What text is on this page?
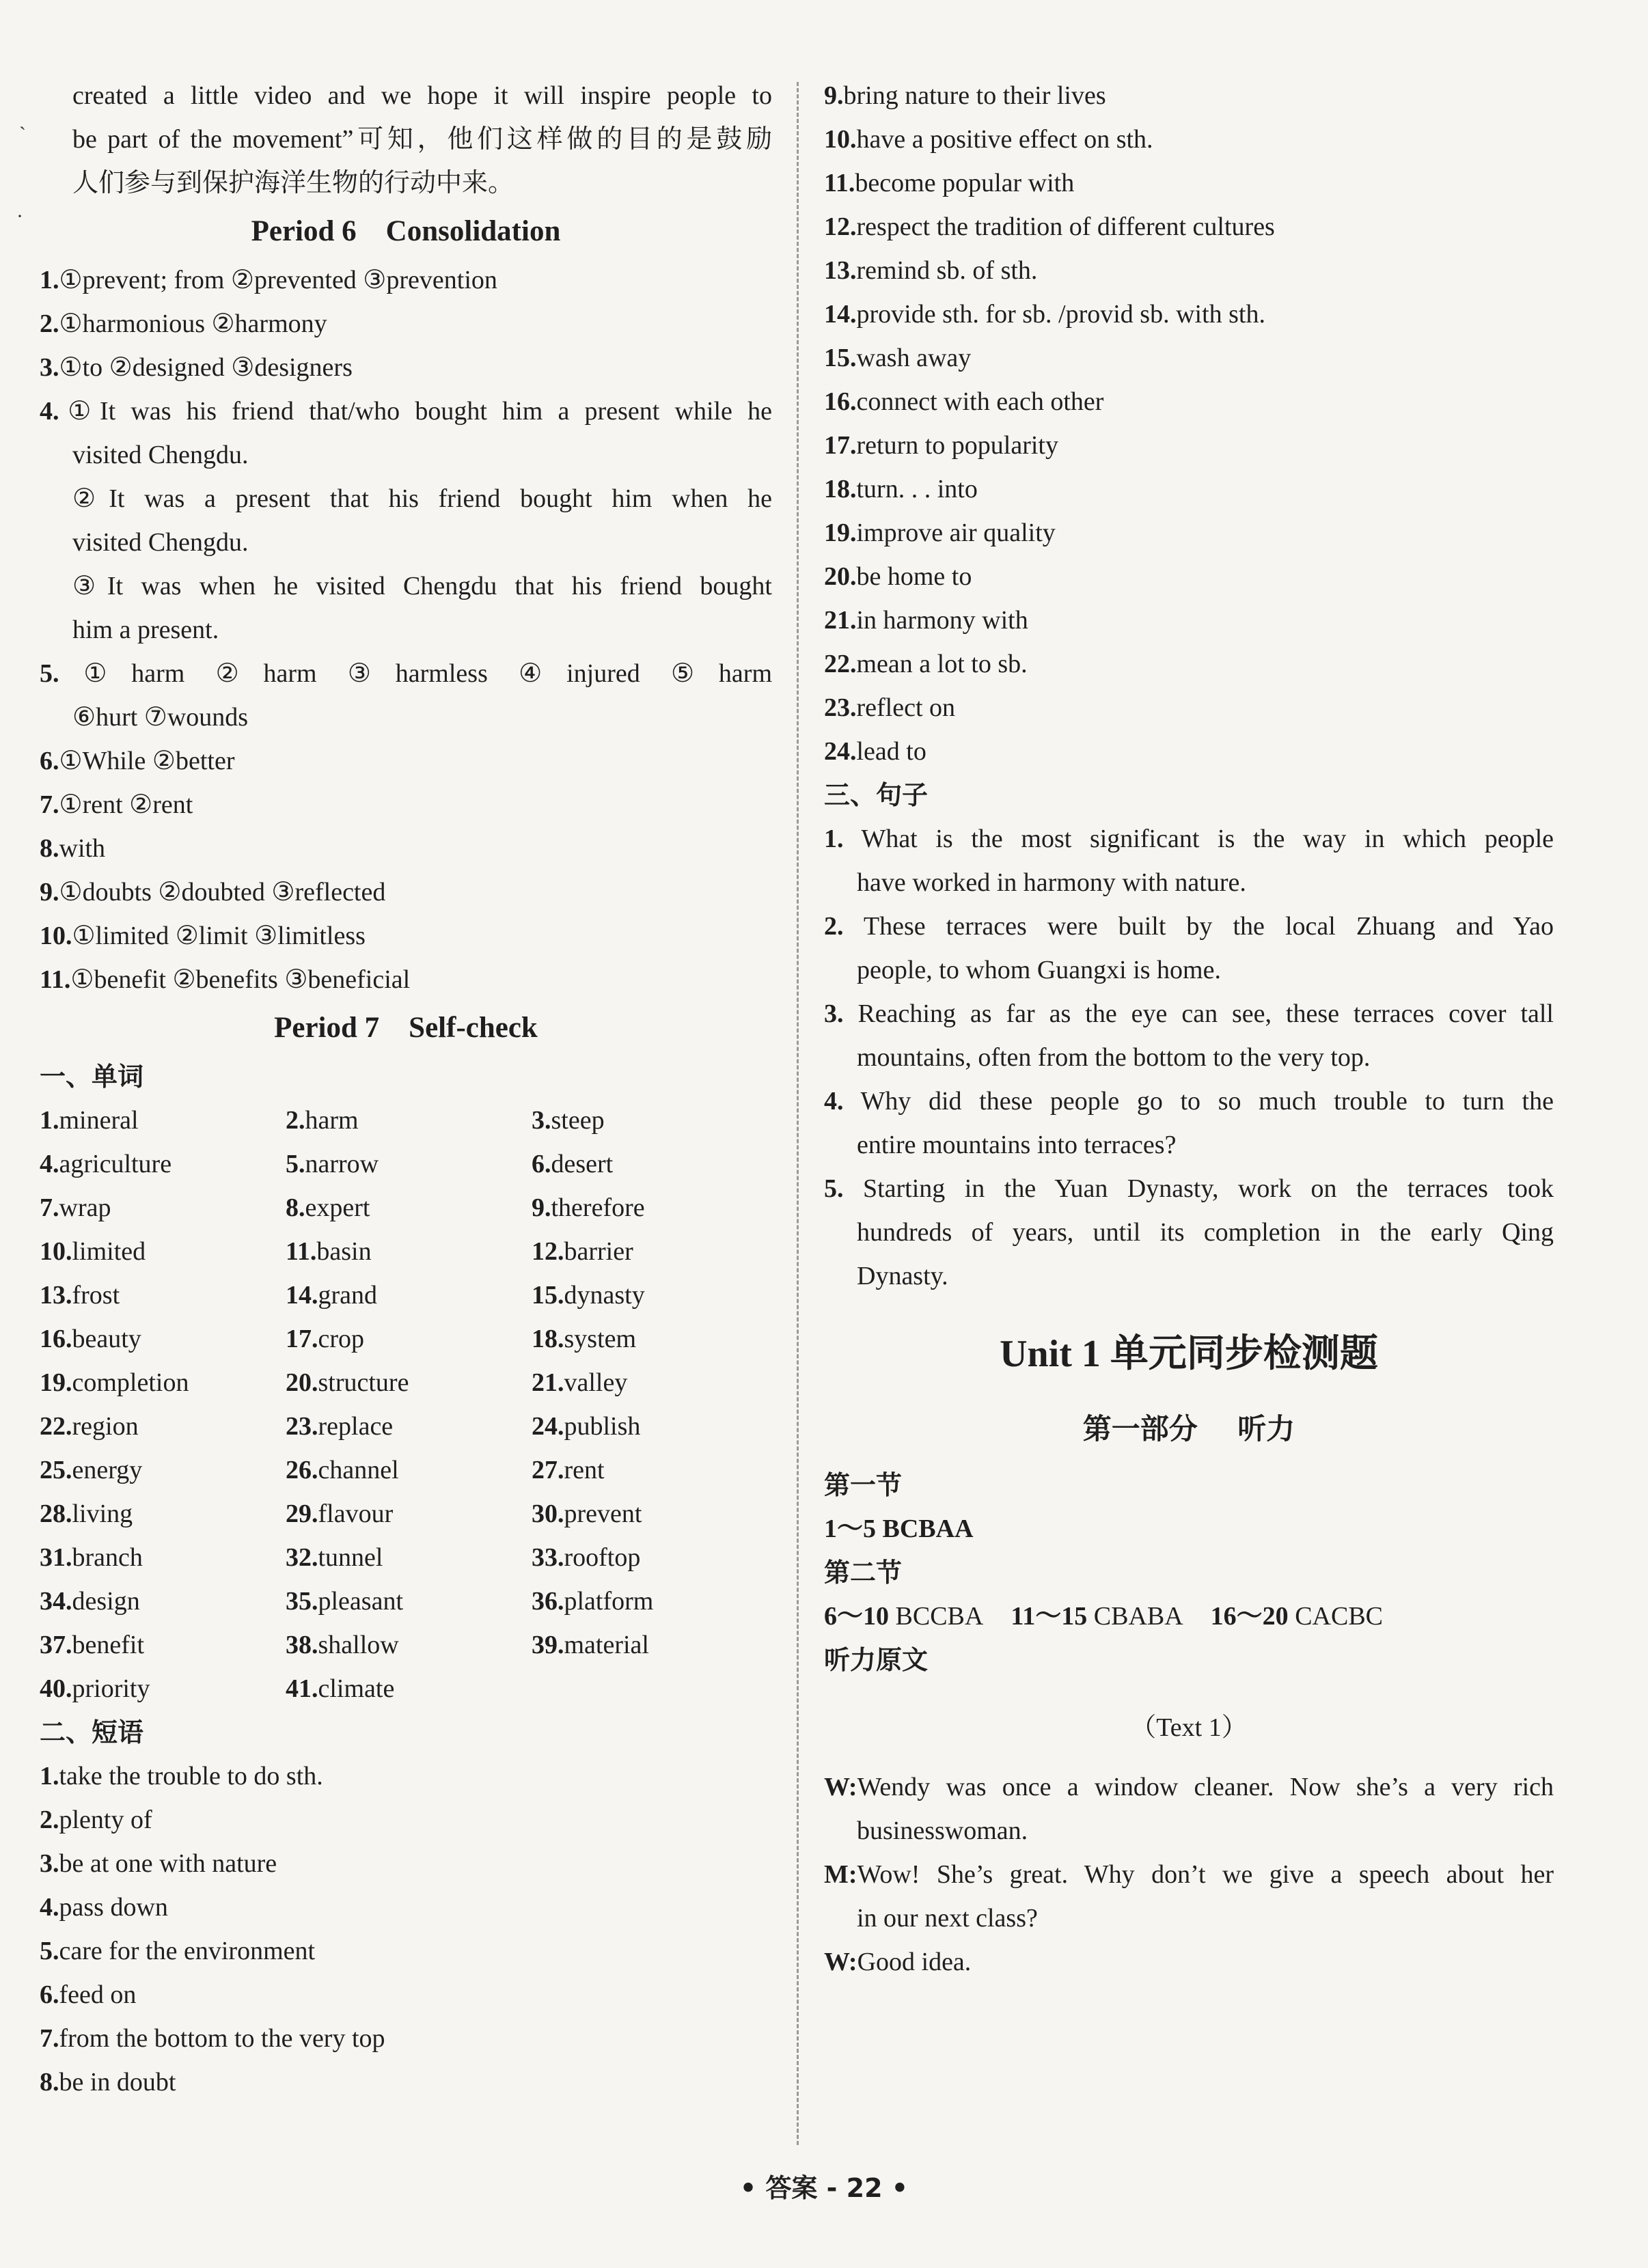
`
·
created a little video and we hope it will inspire people to
be part of the movement”可知，他们这样做的目的是鼓励
人们参与到保护海洋生物的行动中来。
Period 6    Consolidation
1.①prevent; from ②prevented ③prevention
2.①harmonious ②harmony
3.①to ②designed ③designers
4.①It was his friend that/who bought him a present while he
visited Chengdu.
②It was a present that his friend bought him when he
visited Chengdu.
③It was when he visited Chengdu that his friend bought
him a present.
5.①harm ②harm ③harmless ④injured ⑤harm
⑥hurt ⑦wounds
6.①While ②better
7.①rent ②rent
8.with
9.①doubts ②doubted ③reflected
10.①limited ②limit ③limitless
11.①benefit ②benefits ③beneficial
Period 7    Self-check
一、单词
1.mineral	2.harm	3.steep
4.agriculture	5.narrow	6.desert
7.wrap	8.expert	9.therefore
10.limited	11.basin	12.barrier
13.frost	14.grand	15.dynasty
16.beauty	17.crop	18.system
19.completion	20.structure	21.valley
22.region	23.replace	24.publish
25.energy	26.channel	27.rent
28.living	29.flavour	30.prevent
31.branch	32.tunnel	33.rooftop
34.design	35.pleasant	36.platform
37.benefit	38.shallow	39.material
40.priority	41.climate
二、短语
1.take the trouble to do sth.
2.plenty of
3.be at one with nature
4.pass down
5.care for the environment
6.feed on
7.from the bottom to the very top
8.be in doubt
9.bring nature to their lives
10.have a positive effect on sth.
11.become popular with
12.respect the tradition of different cultures
13.remind sb. of sth.
14.provide sth. for sb. /provid sb. with sth.
15.wash away
16.connect with each other
17.return to popularity
18.turn. . . into
19.improve air quality
20.be home to
21.in harmony with
22.mean a lot to sb.
23.reflect on
24.lead to
三、句子
1. What is the most significant is the way in which people
have worked in harmony with nature.
2. These terraces were built by the local Zhuang and Yao
people, to whom Guangxi is home.
3. Reaching as far as the eye can see, these terraces cover tall
mountains, often from the bottom to the very top.
4. Why did these people go to so much trouble to turn the
entire mountains into terraces?
5. Starting in the Yuan Dynasty, work on the terraces took
hundreds of years, until its completion in the early Qing
Dynasty.
Unit 1 单元同步检测题
第一部分    听力
第一节
1～5 BCBAA
第二节
6～10 BCCBA 11～15 CBABA 16～20 CACBC
听力原文
（Text 1）
W:Wendy was once a window cleaner. Now she’s a very rich
businesswoman.
M:Wow! She’s great. Why don’t we give a speech about her
in our next class?
W:Good idea.
• 答案 - 22 •
